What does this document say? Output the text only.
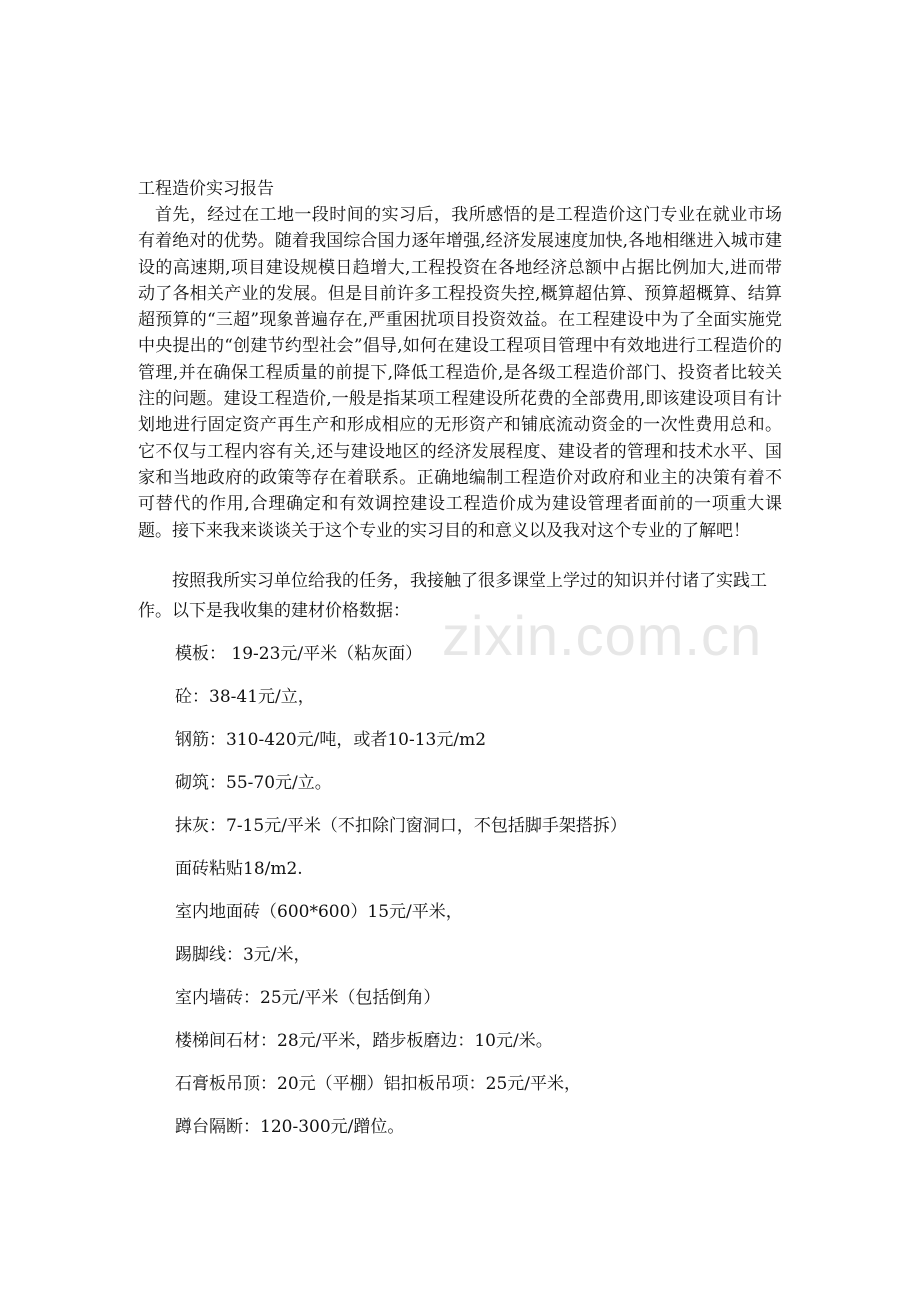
工程造价实习报告

首先，经过在工地一段时间的实习后，我所感悟的是工程造价这门专业在就业市场有着绝对的优势。随着我国综合国力逐年增强,经济发展速度加快,各地相继进入城市建设的高速期,项目建设规模日趋增大,工程投资在各地经济总额中占据比例加大,进而带动了各相关产业的发展。但是目前许多工程投资失控,概算超估算、预算超概算、结算超预算的“三超”现象普遍存在,严重困扰项目投资效益。在工程建设中为了全面实施党中央提出的“创建节约型社会”倡导,如何在建设工程项目管理中有效地进行工程造价的管理,并在确保工程质量的前提下,降低工程造价,是各级工程造价部门、投资者比较关注的问题。建设工程造价,一般是指某项工程建设所花费的全部费用,即该建设项目有计划地进行固定资产再生产和形成相应的无形资产和铺底流动资金的一次性费用总和。它不仅与工程内容有关,还与建设地区的经济发展程度、建设者的管理和技术水平、国家和当地政府的政策等存在着联系。正确地编制工程造价对政府和业主的决策有着不可替代的作用,合理确定和有效调控建设工程造价成为建设管理者面前的一项重大课题。接下来我来谈谈关于这个专业的实习目的和意义以及我对这个专业的了解吧！

按照我所实习单位给我的任务，我接触了很多课堂上学过的知识并付诸了实践工作。以下是我收集的建材价格数据：

模板： 19-23元/平米（粘灰面）
砼：38-41元/立，
钢筋：310-420元/吨，或者10-13元/m2
砌筑：55-70元/立。
抹灰：7-15元/平米（不扣除门窗洞口，不包括脚手架搭拆）
面砖粘贴18/m2.
室内地面砖（600*600）15元/平米，
踢脚线：3元/米，
室内墙砖：25元/平米（包括倒角）
楼梯间石材：28元/平米，踏步板磨边：10元/米。
石膏板吊顶：20元（平棚）铝扣板吊项：25元/平米，
蹲台隔断：120-300元/蹭位。
zixin.com.cn
